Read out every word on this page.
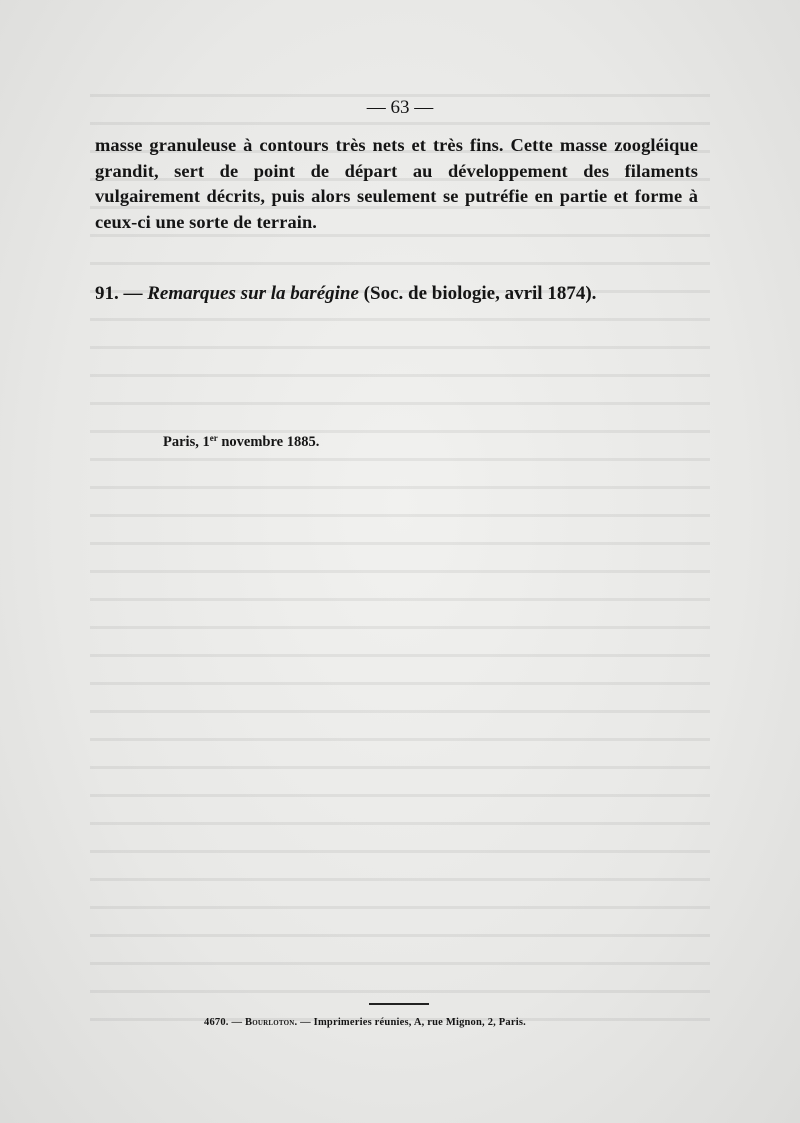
— 63 —

masse granuleuse à contours très nets et très fins. Cette masse zoogléique grandit, sert de point de départ au développement des filaments vulgairement décrits, puis alors seulement se putréfie en partie et forme à ceux-ci une sorte de terrain.

91. — Remarques sur la barégine (Soc. de biologie, avril 1874).
Paris, 1er novembre 1885.
4670. — Bourloton. — Imprimeries réunies, A, rue Mignon, 2, Paris.
